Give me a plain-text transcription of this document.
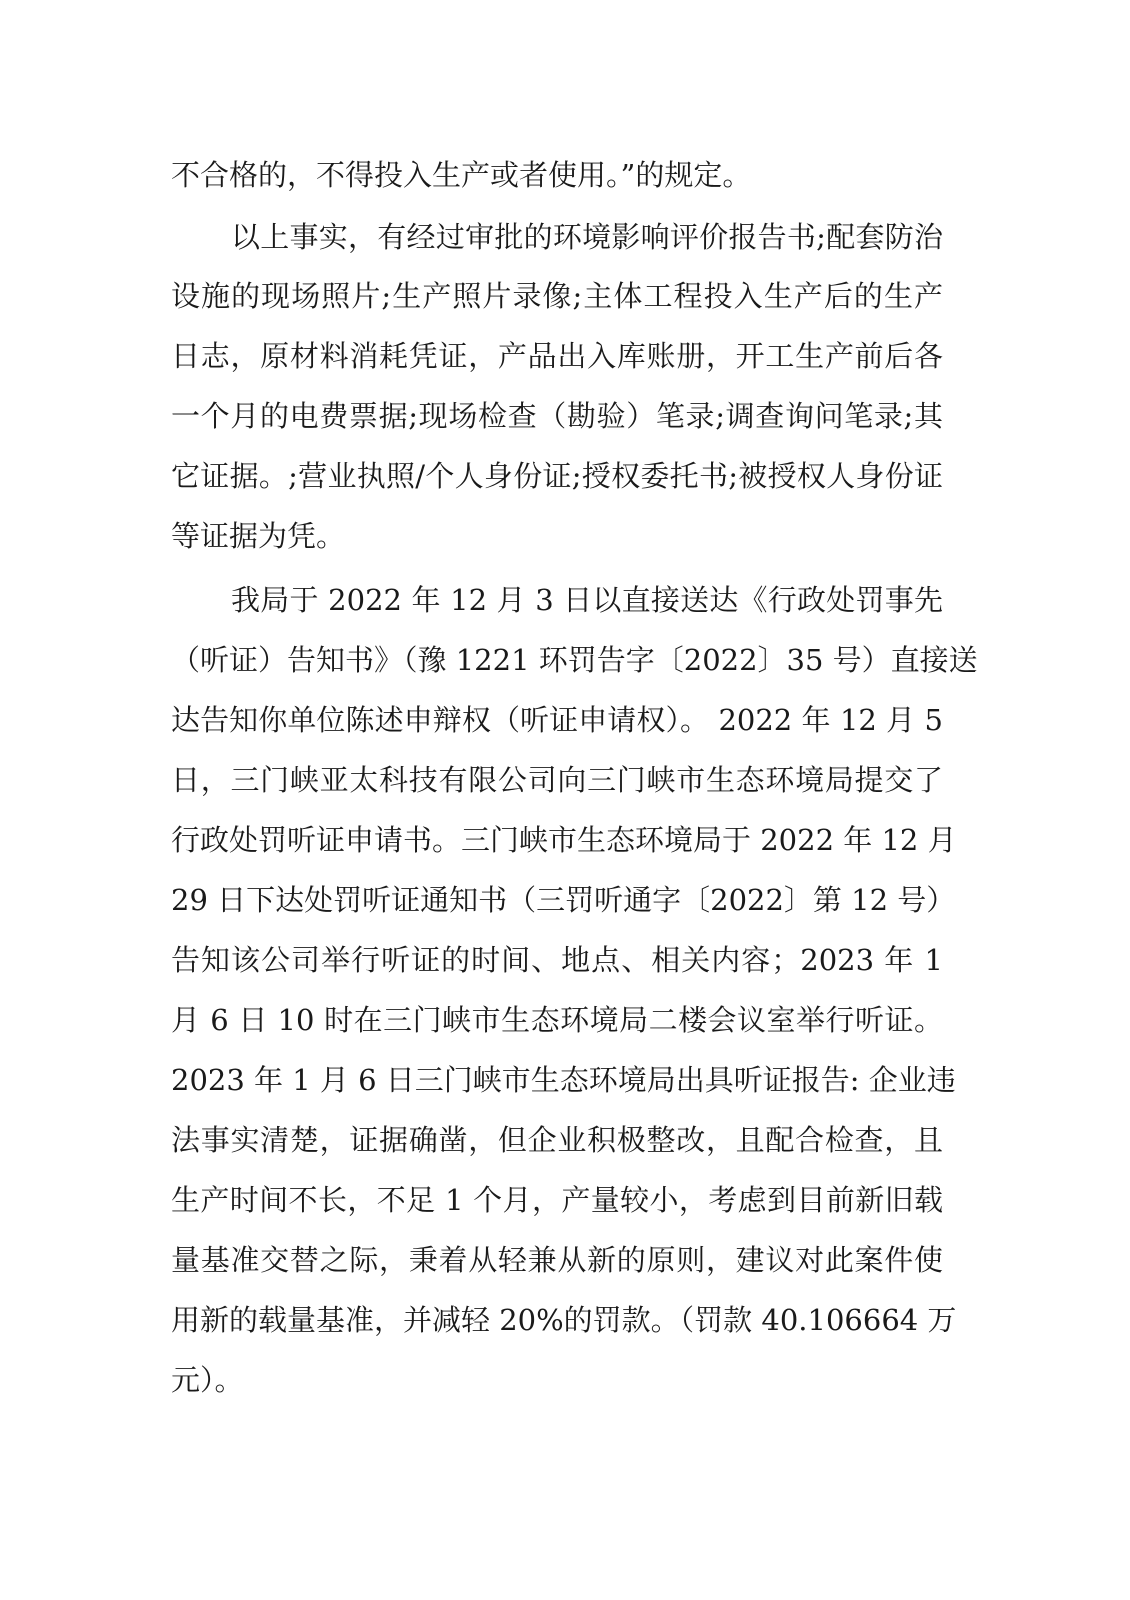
不合格的，不得投入生产或者使用。”的规定。
以上事实，有经过审批的环境影响评价报告书;配套防治
设施的现场照片;生产照片录像;主体工程投入生产后的生产
日志，原材料消耗凭证，产品出入库账册，开工生产前后各
一个月的电费票据;现场检查（勘验）笔录;调查询问笔录;其
它证据。;营业执照/个人身份证;授权委托书;被授权人身份证
等证据为凭。
我局于 2022 年 12 月 3 日以直接送达《行政处罚事先
（听证）告知书》（豫 1221 环罚告字〔2022〕35 号）直接送
达告知你单位陈述申辩权（听证申请权）。 2022 年 12 月 5
日，三门峡亚太科技有限公司向三门峡市生态环境局提交了
行政处罚听证申请书。三门峡市生态环境局于 2022 年 12 月
29 日下达处罚听证通知书（三罚听通字〔2022〕第 12 号）
告知该公司举行听证的时间、地点、相关内容；2023 年 1
月 6 日 10 时在三门峡市生态环境局二楼会议室举行听证。
2023 年 1 月 6 日三门峡市生态环境局出具听证报告: 企业违
法事实清楚，证据确凿，但企业积极整改，且配合检查，且
生产时间不长，不足 1 个月，产量较小，考虑到目前新旧载
量基准交替之际，秉着从轻兼从新的原则，建议对此案件使
用新的载量基准，并减轻 20%的罚款。（罚款 40.106664 万
元）。
